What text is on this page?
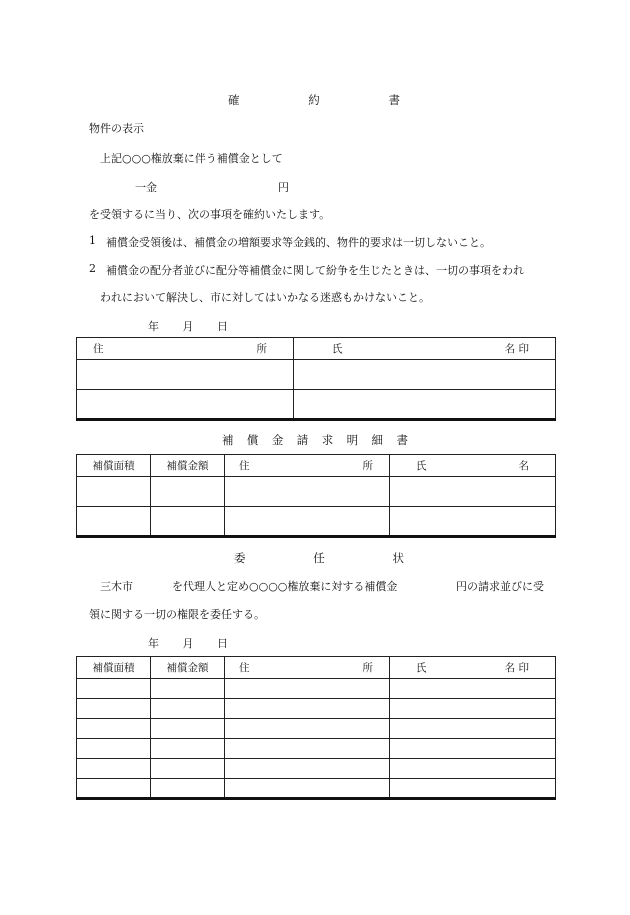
確	約	書
物件の表示
上記○○○権放棄に伴う補償金として
一金	円
を受領するに当り、次の事項を確約いたします。
1 補償金受領後は、補償金の増額要求等金銭的、物件的要求は一切しないこと。
2 補償金の配分者並びに配分等補償金に関して紛争を生じたときは、一切の事項をわれ
われにおいて解決し、市に対してはいかなる迷惑もかけないこと。
年 月 日
住 所	氏 名 印

補 償 金 請 求 明 細 書
補償面積	補償金額	住 所	氏 名

委	任	状
三木市	を代理人と定め○○○○権放棄に対する補償金	円の請求並びに受
領に関する一切の権限を委任する。
年 月 日
補償面積	補償金額	住 所	氏 名 印
